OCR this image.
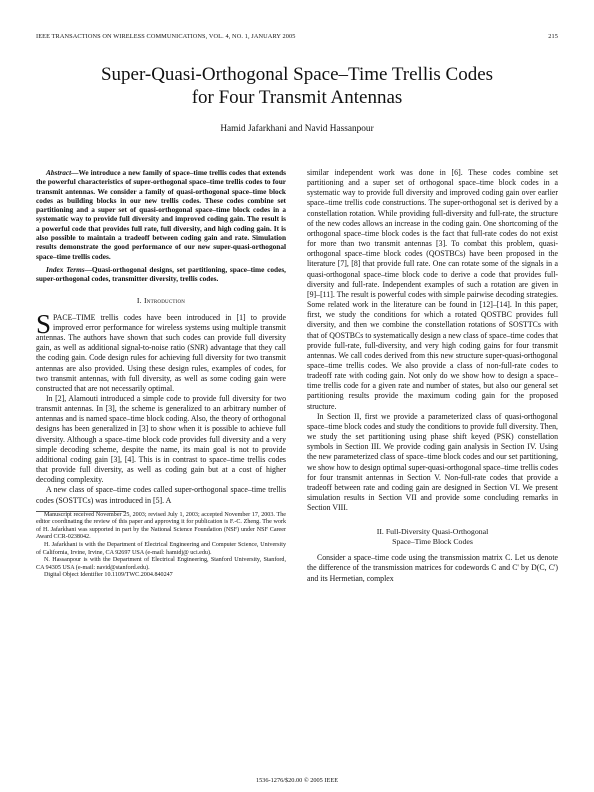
IEEE TRANSACTIONS ON WIRELESS COMMUNICATIONS, VOL. 4, NO. 1, JANUARY 2005	215
Super-Quasi-Orthogonal Space–Time Trellis Codes
for Four Transmit Antennas
Hamid Jafarkhani and Navid Hassanpour

Abstract—We introduce a new family of space–time trellis codes that extends the powerful characteristics of super-orthogonal space–time trellis codes to four transmit antennas. We consider a family of quasi-orthogonal space–time block codes as building blocks in our new trellis codes. These codes combine set partitioning and a super set of quasi-orthogonal space–time block codes in a systematic way to provide full diversity and improved coding gain. The result is a powerful code that provides full rate, full diversity, and high coding gain. It is also possible to maintain a tradeoff between coding gain and rate. Simulation results demonstrate the good performance of our new super-quasi-orthogonal space–time trellis codes.

Index Terms—Quasi-orthogonal designs, set partitioning, space–time codes, super-orthogonal codes, transmitter diversity, trellis codes.

I. Introduction

SPACE–TIME trellis codes have been introduced in [1] to provide improved error performance for wireless systems using multiple transmit antennas. The authors have shown that such codes can provide full diversity gain, as well as additional signal-to-noise ratio (SNR) advantage that they call the coding gain. Code design rules for achieving full diversity for two transmit antennas are also provided. Using these design rules, examples of codes, for two transmit antennas, with full diversity, as well as some coding gain were constructed that are not necessarily optimal.

In [2], Alamouti introduced a simple code to provide full diversity for two transmit antennas. In [3], the scheme is generalized to an arbitrary number of antennas and is named space–time block coding. Also, the theory of orthogonal designs has been generalized in [3] to show when it is possible to achieve full diversity. Although a space–time block code provides full diversity and a very simple decoding scheme, despite the name, its main goal is not to provide additional coding gain [3], [4]. This is in contrast to space–time trellis codes that provide full diversity, as well as coding gain but at a cost of higher decoding complexity.

A new class of space–time codes called super-orthogonal space–time trellis codes (SOSTTCs) was introduced in [5]. A

Manuscript received November 25, 2003; revised July 1, 2003; accepted November 17, 2003. The editor coordinating the review of this paper and approving it for publication is F.-C. Zheng. The work of H. Jafarkhani was supported in part by the National Science Foundation (NSF) under NSF Career Award CCR-0238042.

H. Jafarkhani is with the Department of Electrical Engineering and Computer Science, University of California, Irvine, Irvine, CA 92697 USA (e-mail: hamidj@ uci.edu).

N. Hassanpour is with the Department of Electrical Engineering, Stanford University, Stanford, CA 94305 USA (e-mail: navid@stanford.edu).

Digital Object Identifier 10.1109/TWC.2004.840247

similar independent work was done in [6]. These codes combine set partitioning and a super set of orthogonal space–time block codes in a systematic way to provide full diversity and improved coding gain over earlier space–time trellis code constructions. The super-orthogonal set is derived by a constellation rotation. While providing full-diversity and full-rate, the structure of the new codes allows an increase in the coding gain. One shortcoming of the orthogonal space–time block codes is the fact that full-rate codes do not exist for more than two transmit antennas [3]. To combat this problem, quasi-orthogonal space–time block codes (QOSTBCs) have been proposed in the literature [7], [8] that provide full rate. One can rotate some of the signals in a quasi-orthogonal space–time block code to derive a code that provides full-diversity and full-rate. Independent examples of such a rotation are given in [9]–[11]. The result is powerful codes with simple pairwise decoding strategies. Some related work in the literature can be found in [12]–[14]. In this paper, first, we study the conditions for which a rotated QOSTBC provides full diversity, and then we combine the constellation rotations of SOSTTCs with that of QOSTBCs to systematically design a new class of space–time codes that provide full-rate, full-diversity, and very high coding gains for four transmit antennas. We call codes derived from this new structure super-quasi-orthogonal space–time trellis codes. We also provide a class of non-full-rate codes to tradeoff rate with coding gain. Not only do we show how to design a space–time trellis code for a given rate and number of states, but also our general set partitioning results provide the maximum coding gain for the proposed structure.

In Section II, first we provide a parameterized class of quasi-orthogonal space–time block codes and study the conditions to provide full diversity. Then, we study the set partitioning using phase shift keyed (PSK) constellation symbols in Section III. We provide coding gain analysis in Section IV. Using the new parameterized class of space–time block codes and our set partitioning, we show how to design optimal super-quasi-orthogonal space–time trellis codes for four transmit antennas in Section V. Non-full-rate codes that provide a tradeoff between rate and coding gain are designed in Section VI. We present simulation results in Section VII and provide some concluding remarks in Section VIII.

II. Full-Diversity Quasi-Orthogonal
Space–Time Block Codes

Consider a space–time code using the transmission matrix C. Let us denote the difference of the transmission matrices for codewords C and C' by D(C, C') and its Hermetian, complex

1536-1276/$20.00 © 2005 IEEE
